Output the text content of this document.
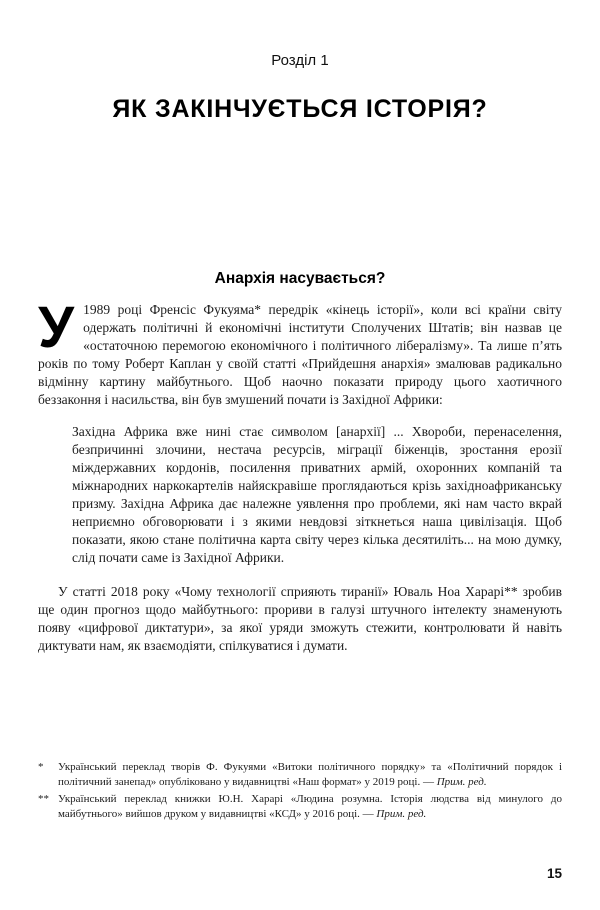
Розділ 1
ЯК ЗАКІНЧУЄТЬСЯ ІСТОРІЯ?
Анархія насувається?

У 1989 році Френсіс Фукуяма* передрік «кінець історії», коли всі країни світу одержать політичні й економічні інститути Сполучених Штатів; він назвав це «остаточною перемогою економічного і політичного лібералізму». Та лише п’ять років по тому Роберт Каплан у своїй статті «Прийдешня анархія» змалював радикально відмінну картину майбутнього. Щоб наочно показати природу цього хаотичного беззаконня і насильства, він був змушений почати із Західної Африки:

Західна Африка вже нині стає символом [анархії] ... Хвороби, перенаселення, безпричинні злочини, нестача ресурсів, міграції біженців, зростання ерозії міждержавних кордонів, посилення приватних армій, охоронних компаній та міжнародних наркокартелів найяскравіше проглядаються крізь західноафриканську призму. Західна Африка дає належне уявлення про проблеми, які нам часто вкрай неприємно обговорювати і з якими невдовзі зіткнеться наша цивілізація. Щоб показати, якою стане політична карта світу через кілька десятиліть... на мою думку, слід почати саме із Західної Африки.

У статті 2018 року «Чому технології сприяють тиранії» Юваль Ноа Харарі** зробив ще один прогноз щодо майбутнього: прориви в галузі штучного інтелекту знаменують появу «цифрової диктатури», за якої уряди зможуть стежити, контролювати й навіть диктувати нам, як взаємодіяти, спілкуватися і думати.

*	Український переклад творів Ф. Фукуями «Витоки політичного порядку» та «Політичний порядок і політичний занепад» опубліковано у видавництві «Наш формат» у 2019 році. — Прим. ред.
** Український переклад книжки Ю.Н. Харарі «Людина розумна. Історія людства від минулого до майбутнього» вийшов друком у видавництві «КСД» у 2016 році. — Прим. ред.
15
